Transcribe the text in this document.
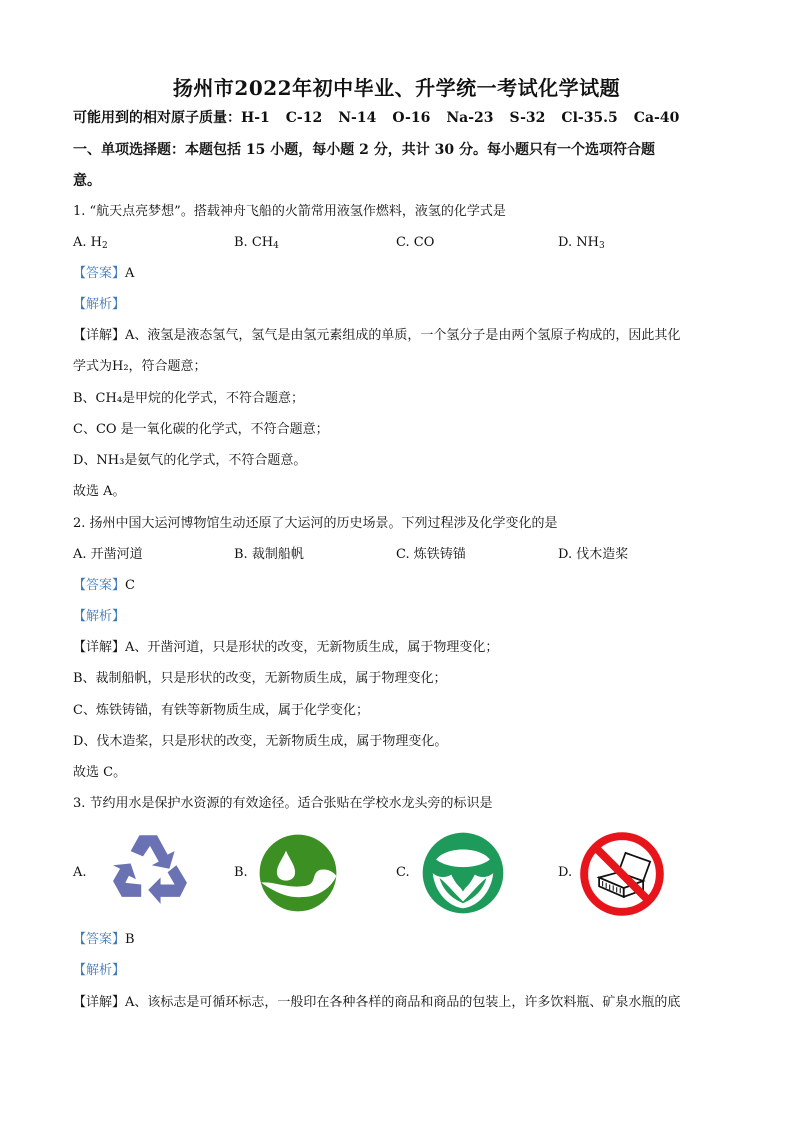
扬州市2022年初中毕业、升学统一考试化学试题
可能用到的相对原子质量：H-1 C-12 N-14 O-16 Na-23 S-32 Cl-35.5 Ca-40
一、单项选择题：本题包括 15 小题，每小题 2 分，共计 30 分。每小题只有一个选项符合题
意。
1. “航天点亮梦想”。搭载神舟飞船的火箭常用液氢作燃料，液氢的化学式是
A. $H_2$	B. $CH_4$	C. CO	D. $NH_3$
【答案】A
【解析】
【详解】A、液氢是液态氢气，氢气是由氢元素组成的单质，一个氢分子是由两个氢原子构成的，因此其化
学式为H₂，符合题意；
B、CH₄是甲烷的化学式，不符合题意；
C、CO 是一氧化碳的化学式，不符合题意；
D、NH₃是氨气的化学式，不符合题意。
故选 A。
2. 扬州中国大运河博物馆生动还原了大运河的历史场景。下列过程涉及化学变化的是
A. 开凿河道	B. 裁制船帆	C. 炼铁铸锚	D. 伐木造桨
【答案】C
【解析】
【详解】A、开凿河道，只是形状的改变，无新物质生成，属于物理变化；
B、裁制船帆，只是形状的改变，无新物质生成，属于物理变化；
C、炼铁铸锚，有铁等新物质生成，属于化学变化；
D、伐木造桨，只是形状的改变，无新物质生成，属于物理变化。
故选 C。
3. 节约用水是保护水资源的有效途径。适合张贴在学校水龙头旁的标识是
A.	B.	C.	D.
【答案】B
【解析】
【详解】A、该标志是可循环标志，一般印在各种各样的商品和商品的包装上，许多饮料瓶、矿泉水瓶的底
